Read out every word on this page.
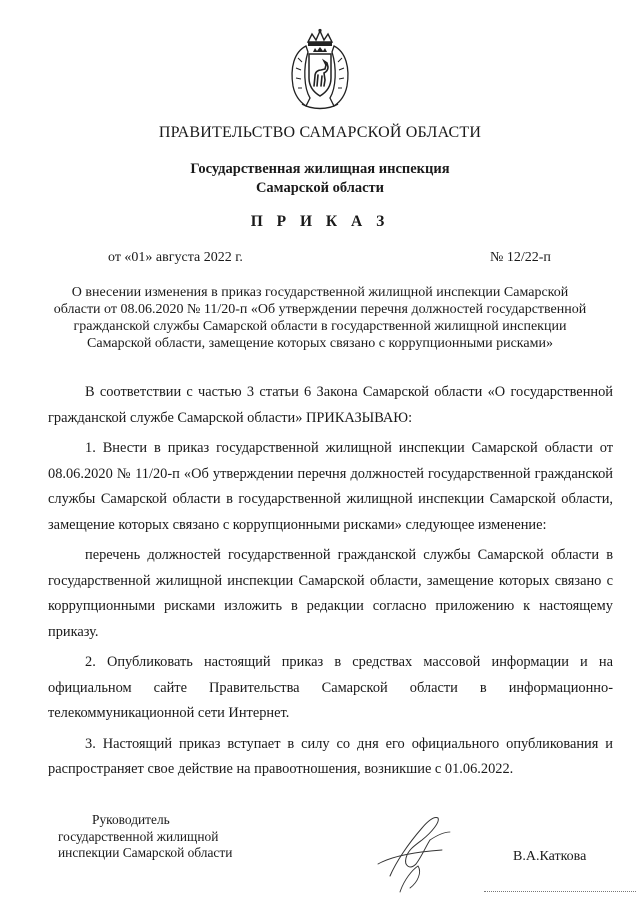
ПРАВИТЕЛЬСТВО САМАРСКОЙ ОБЛАСТИ
Государственная жилищная инспекция
Самарской области
П Р И К А З
от «01» августа 2022 г.	№ 12/22-п
О внесении изменения в приказ государственной жилищной инспекции Самарской области от 08.06.2020 № 11/20-п «Об утверждении перечня должностей государственной гражданской службы Самарской области в государственной жилищной инспекции Самарской области, замещение которых связано с коррупционными рисками»

В соответствии с частью 3 статьи 6 Закона Самарской области «О государственной гражданской службе Самарской области» ПРИКАЗЫВАЮ:

1. Внести в приказ государственной жилищной инспекции Самарской области от 08.06.2020 № 11/20-п «Об утверждении перечня должностей государственной гражданской службы Самарской области в государственной жилищной инспекции Самарской области, замещение которых связано с коррупционными рисками» следующее изменение:

перечень должностей государственной гражданской службы Самарской области в государственной жилищной инспекции Самарской области, замещение которых связано с коррупционными рисками изложить в редакции согласно приложению к настоящему приказу.

2. Опубликовать настоящий приказ в средствах массовой информации и на официальном сайте Правительства Самарской области в информационно-телекоммуникационной сети Интернет.

3. Настоящий приказ вступает в силу со дня его официального опубликования и распространяет свое действие на правоотношения, возникшие с 01.06.2022.

Руководитель
государственной жилищной
инспекции Самарской области	В.А.Каткова
